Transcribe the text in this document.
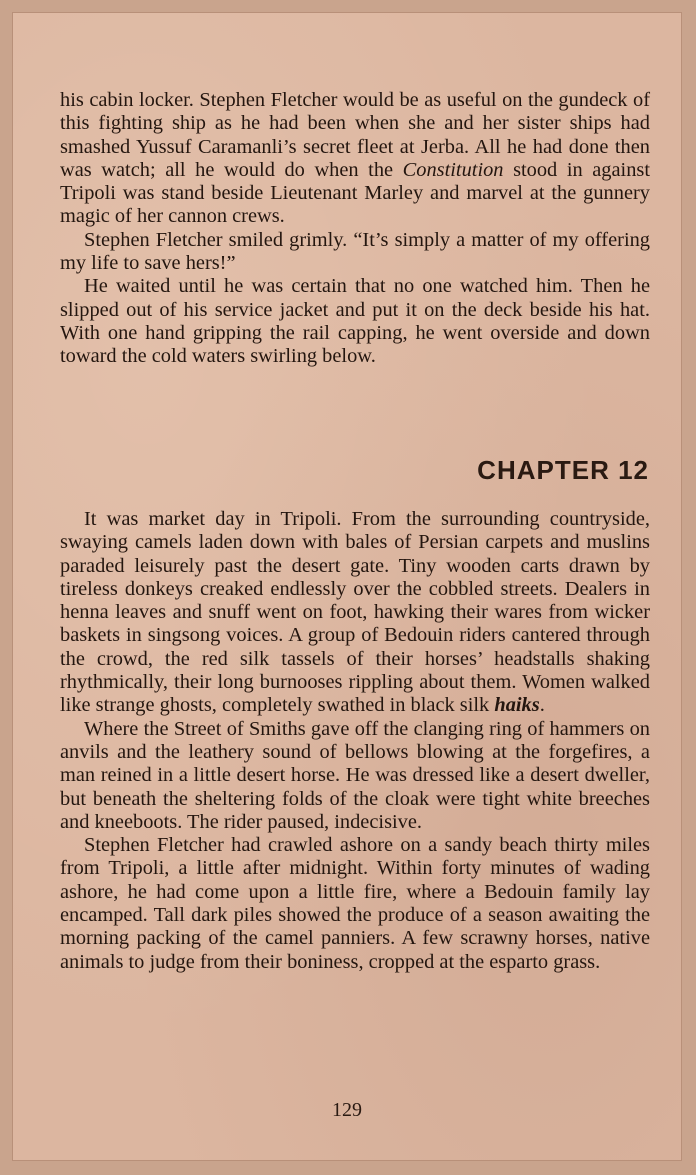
his cabin locker. Stephen Fletcher would be as useful on the gundeck of this fighting ship as he had been when she and her sister ships had smashed Yussuf Caramanli’s secret fleet at Jerba. All he had done then was watch; all he would do when the Constitution stood in against Tripoli was stand beside Lieutenant Marley and marvel at the gunnery magic of her cannon crews.

Stephen Fletcher smiled grimly. “It’s simply a matter of my offering my life to save hers!”

He waited until he was certain that no one watched him. Then he slipped out of his service jacket and put it on the deck beside his hat. With one hand gripping the rail capping, he went overside and down toward the cold waters swirling below.

CHAPTER 12

It was market day in Tripoli. From the surrounding countryside, swaying camels laden down with bales of Persian carpets and muslins paraded leisurely past the desert gate. Tiny wooden carts drawn by tireless donkeys creaked endlessly over the cobbled streets. Dealers in henna leaves and snuff went on foot, hawking their wares from wicker baskets in singsong voices. A group of Bedouin riders cantered through the crowd, the red silk tassels of their horses’ headstalls shaking rhythmically, their long burnooses rippling about them. Women walked like strange ghosts, completely swathed in black silk haiks.

Where the Street of Smiths gave off the clanging ring of hammers on anvils and the leathery sound of bellows blowing at the forgefires, a man reined in a little desert horse. He was dressed like a desert dweller, but beneath the sheltering folds of the cloak were tight white breeches and kneeboots. The rider paused, indecisive.

Stephen Fletcher had crawled ashore on a sandy beach thirty miles from Tripoli, a little after midnight. Within forty minutes of wading ashore, he had come upon a little fire, where a Bedouin family lay encamped. Tall dark piles showed the produce of a season awaiting the morning packing of the camel panniers. A few scrawny horses, native animals to judge from their boniness, cropped at the esparto grass.

129
